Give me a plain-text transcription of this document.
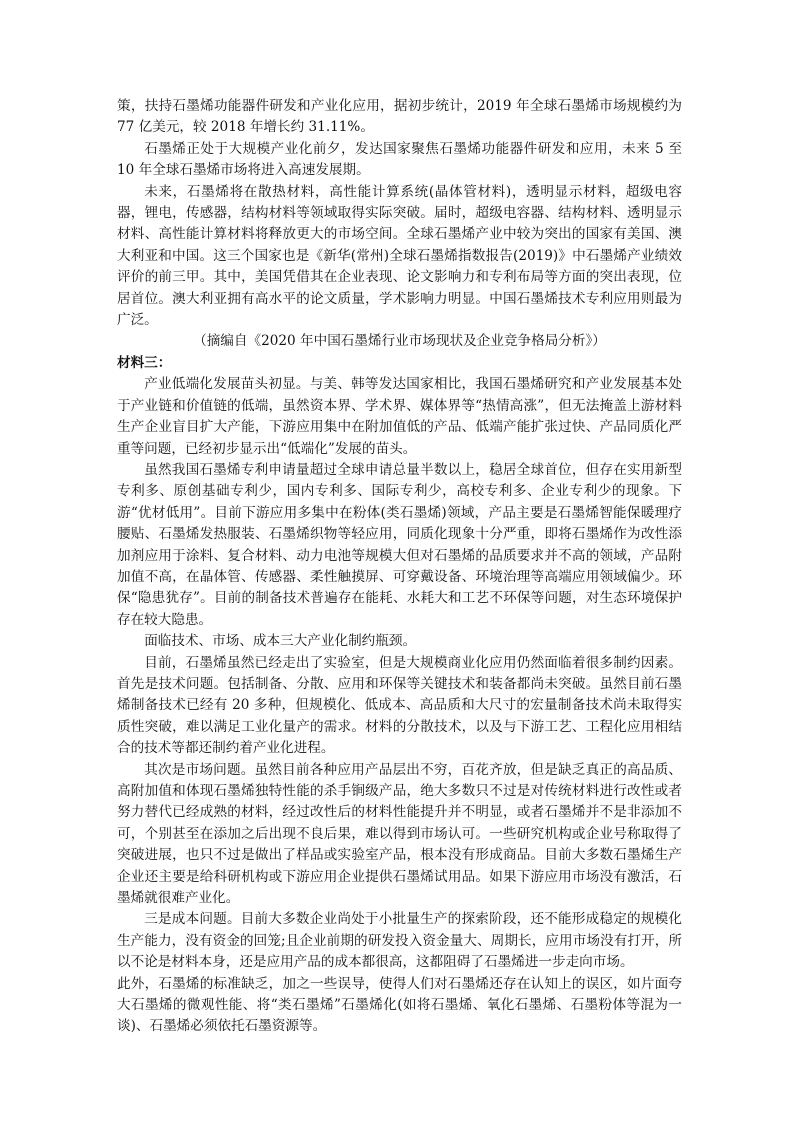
策，扶持石墨烯功能器件研发和产业化应用，据初步统计，2019 年全球石墨烯市场规模约为 77 亿美元，较 2018 年增长约 31.11%。

石墨烯正处于大规模产业化前夕，发达国家聚焦石墨烯功能器件研发和应用，未来 5 至 10 年全球石墨烯市场将进入高速发展期。

未来，石墨烯将在散热材料，高性能计算系统(晶体管材料)，透明显示材料，超级电容器，锂电，传感器，结构材料等领域取得实际突破。届时，超级电容器、结构材料、透明显示材料、高性能计算材料将释放更大的市场空间。全球石墨烯产业中较为突出的国家有美国、澳大利亚和中国。这三个国家也是《新华(常州)全球石墨烯指数报告(2019)》中石墨烯产业绩效评价的前三甲。其中，美国凭借其在企业表现、论文影响力和专利布局等方面的突出表现，位居首位。澳大利亚拥有高水平的论文质量，学术影响力明显。中国石墨烯技术专利应用则最为广泛。

（摘编自《2020 年中国石墨烯行业市场现状及企业竞争格局分析》）

材料三：

产业低端化发展苗头初显。与美、韩等发达国家相比，我国石墨烯研究和产业发展基本处于产业链和价值链的低端，虽然资本界、学术界、媒体界等“热情高涨”，但无法掩盖上游材料生产企业盲目扩大产能，下游应用集中在附加值低的产品、低端产能扩张过快、产品同质化严重等问题，已经初步显示出“低端化”发展的苗头。

虽然我国石墨烯专利申请量超过全球申请总量半数以上，稳居全球首位，但存在实用新型专利多、原创基础专利少，国内专利多、国际专利少，高校专利多、企业专利少的现象。下游“优材低用”。目前下游应用多集中在粉体(类石墨烯)领域，产品主要是石墨烯智能保暖理疗腰贴、石墨烯发热服装、石墨烯织物等轻应用，同质化现象十分严重，即将石墨烯作为改性添加剂应用于涂料、复合材料、动力电池等规模大但对石墨烯的品质要求并不高的领域，产品附加值不高，在晶体管、传感器、柔性触摸屏、可穿戴设备、环境治理等高端应用领域偏少。环保“隐患犹存”。目前的制备技术普遍存在能耗、水耗大和工艺不环保等问题，对生态环境保护存在较大隐患。

面临技术、市场、成本三大产业化制约瓶颈。

目前，石墨烯虽然已经走出了实验室，但是大规模商业化应用仍然面临着很多制约因素。首先是技术问题。包括制备、分散、应用和环保等关键技术和装备都尚未突破。虽然目前石墨烯制备技术已经有 20 多种，但规模化、低成本、高品质和大尺寸的宏量制备技术尚未取得实质性突破，难以满足工业化量产的需求。材料的分散技术，以及与下游工艺、工程化应用相结合的技术等都还制约着产业化进程。

其次是市场问题。虽然目前各种应用产品层出不穷，百花齐放，但是缺乏真正的高品质、高附加值和体现石墨烯独特性能的杀手锏级产品，绝大多数只不过是对传统材料进行改性或者努力替代已经成熟的材料，经过改性后的材料性能提升并不明显，或者石墨烯并不是非添加不可，个别甚至在添加之后出现不良后果，难以得到市场认可。一些研究机构或企业号称取得了突破进展，也只不过是做出了样品或实验室产品，根本没有形成商品。目前大多数石墨烯生产企业还主要是给科研机构或下游应用企业提供石墨烯试用品。如果下游应用市场没有激活，石墨烯就很难产业化。

三是成本问题。目前大多数企业尚处于小批量生产的探索阶段，还不能形成稳定的规模化生产能力，没有资金的回笼;且企业前期的研发投入资金量大、周期长，应用市场没有打开，所以不论是材料本身，还是应用产品的成本都很高，这都阻碍了石墨烯进一步走向市场。

此外，石墨烯的标准缺乏，加之一些误导，使得人们对石墨烯还存在认知上的误区，如片面夸大石墨烯的微观性能、将“类石墨烯”石墨烯化(如将石墨烯、氧化石墨烯、石墨粉体等混为一谈)、石墨烯必须依托石墨资源等。
